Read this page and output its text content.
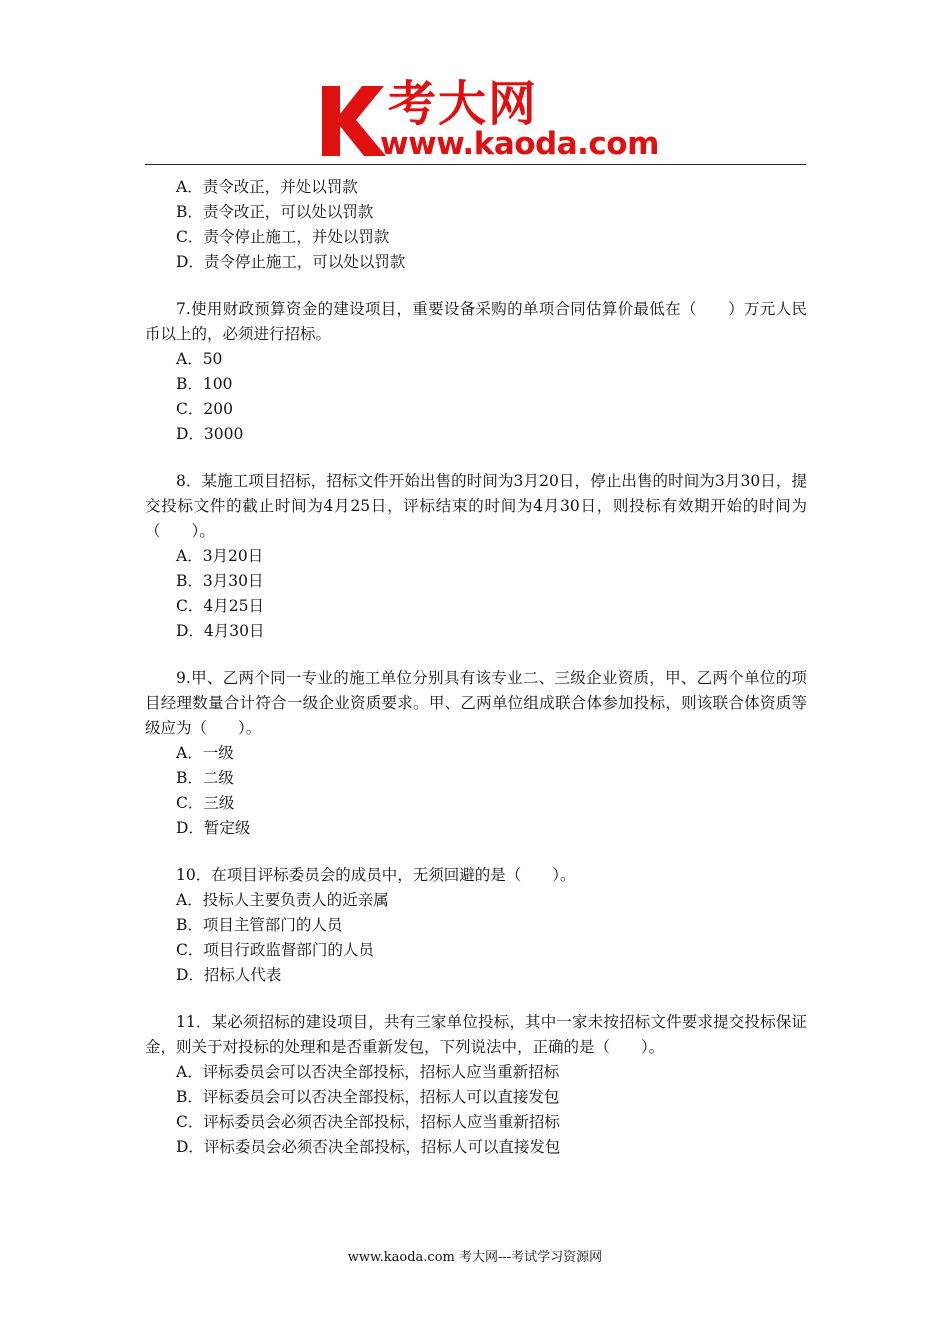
考大网
www.kaoda.com
A．责令改正，并处以罚款
B．责令改正，可以处以罚款
C．责令停止施工，并处以罚款
D．责令停止施工，可以处以罚款
7.使用财政预算资金的建设项目，重要设备采购的单项合同估算价最低在（　　）万元人民币以上的，必须进行招标。
A．50
B．100
C．200
D．3000
8．某施工项目招标，招标文件开始出售的时间为3月20日，停止出售的时间为3月30日，提交投标文件的截止时间为4月25日，评标结束的时间为4月30日，则投标有效期开始的时间为（　　）。
A．3月20日
B．3月30日
C．4月25日
D．4月30日
9.甲、乙两个同一专业的施工单位分别具有该专业二、三级企业资质，甲、乙两个单位的项目经理数量合计符合一级企业资质要求。甲、乙两单位组成联合体参加投标，则该联合体资质等级应为（　　）。
A．一级
B．二级
C．三级
D．暂定级
10．在项目评标委员会的成员中，无须回避的是（　　）。
A．投标人主要负责人的近亲属
B．项目主管部门的人员
C．项目行政监督部门的人员
D．招标人代表
11．某必须招标的建设项目，共有三家单位投标，其中一家未按招标文件要求提交投标保证金，则关于对投标的处理和是否重新发包，下列说法中，正确的是（　　）。
A．评标委员会可以否决全部投标，招标人应当重新招标
B．评标委员会可以否决全部投标，招标人可以直接发包
C．评标委员会必须否决全部投标，招标人应当重新招标
D．评标委员会必须否决全部投标，招标人可以直接发包
www.kaoda.com 考大网---考试学习资源网
